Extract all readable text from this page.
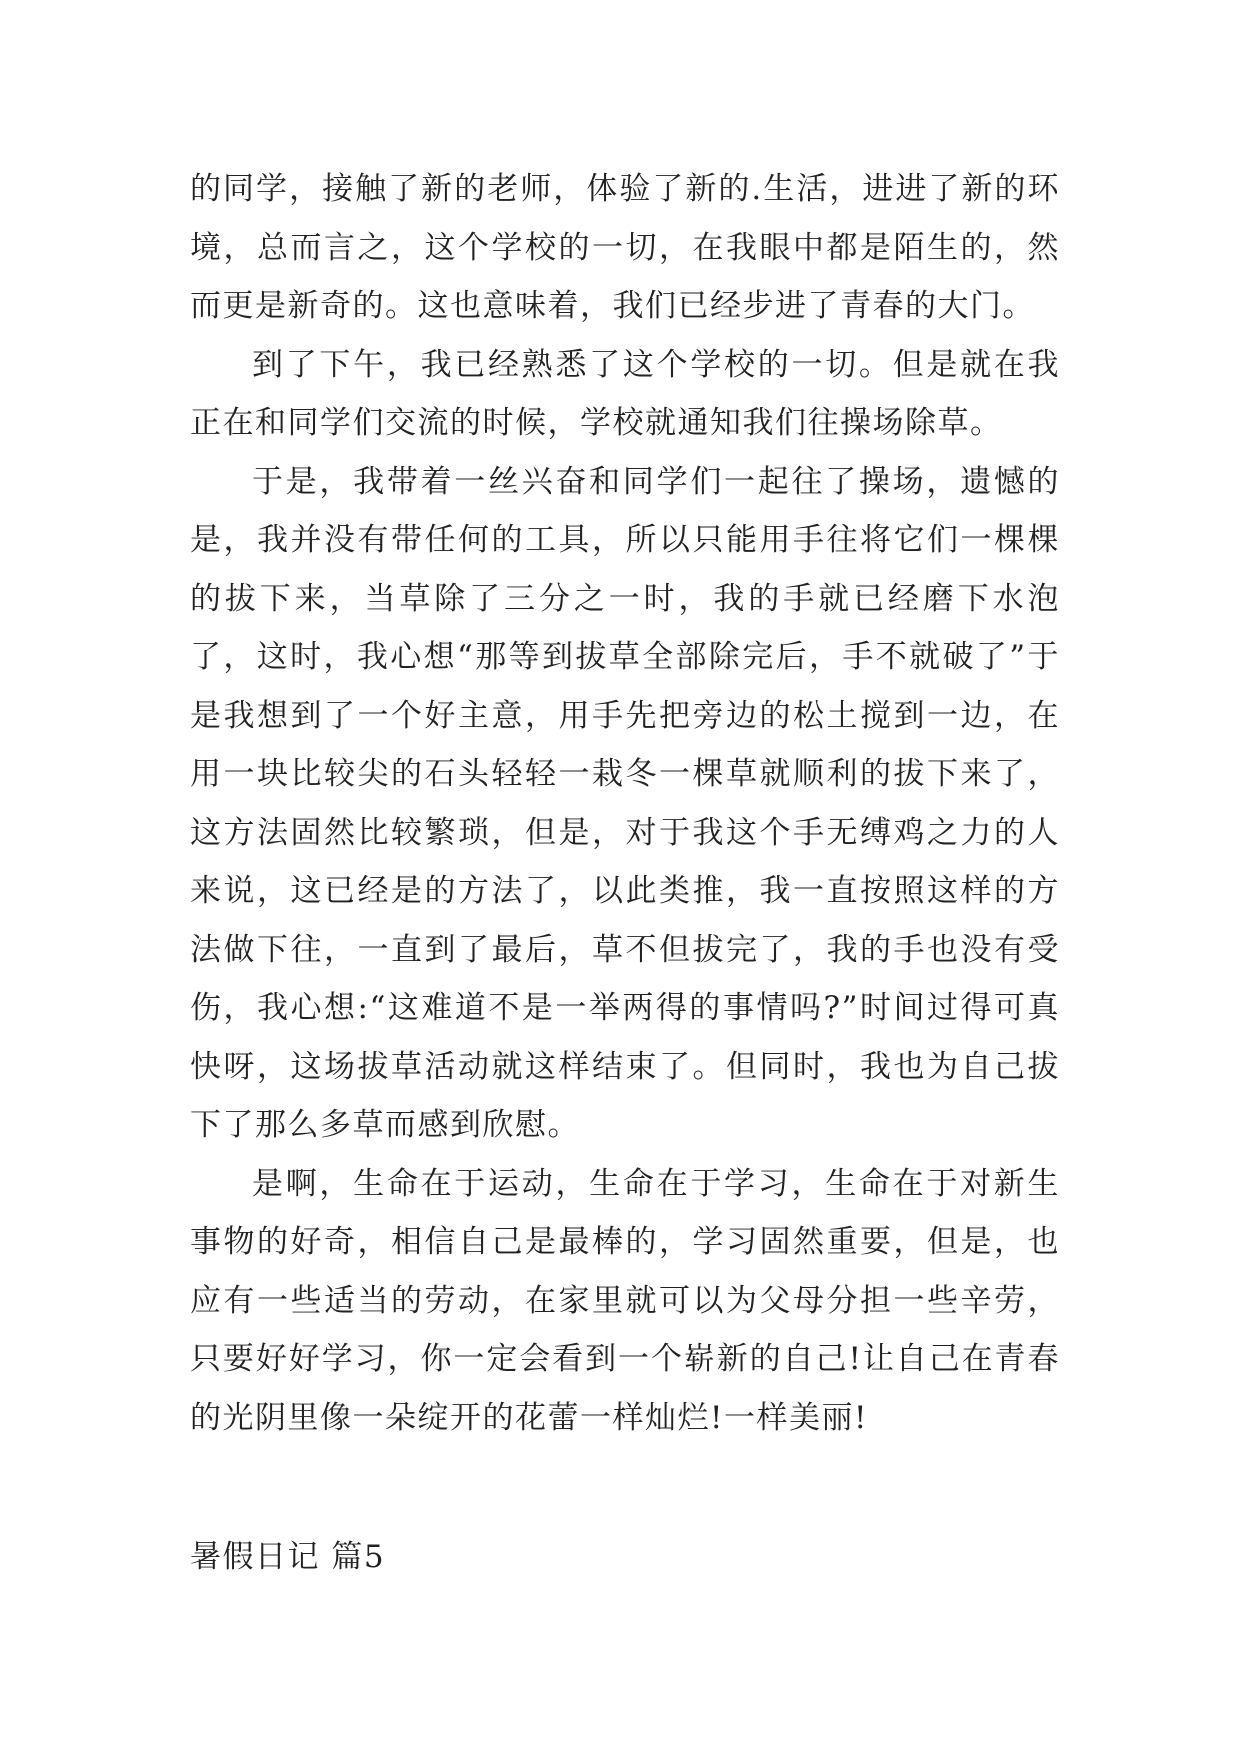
的同学，接触了新的老师，体验了新的.生活，进进了新的环境，总而言之，这个学校的一切，在我眼中都是陌生的，然而更是新奇的。这也意味着，我们已经步进了青春的大门。

到了下午，我已经熟悉了这个学校的一切。但是就在我正在和同学们交流的时候，学校就通知我们往操场除草。

于是，我带着一丝兴奋和同学们一起往了操场，遗憾的是，我并没有带任何的工具，所以只能用手往将它们一棵棵的拔下来，当草除了三分之一时，我的手就已经磨下水泡了，这时，我心想“那等到拔草全部除完后，手不就破了”于是我想到了一个好主意，用手先把旁边的松土搅到一边，在用一块比较尖的石头轻轻一栽冬一棵草就顺利的拔下来了，这方法固然比较繁琐，但是，对于我这个手无缚鸡之力的人来说，这已经是的方法了，以此类推，我一直按照这样的方法做下往，一直到了最后，草不但拔完了，我的手也没有受伤，我心想:“这难道不是一举两得的事情吗?”时间过得可真快呀，这场拔草活动就这样结束了。但同时，我也为自己拔下了那么多草而感到欣慰。

是啊，生命在于运动，生命在于学习，生命在于对新生事物的好奇，相信自己是最棒的，学习固然重要，但是，也应有一些适当的劳动，在家里就可以为父母分担一些辛劳，只要好好学习，你一定会看到一个崭新的自己!让自己在青春的光阴里像一朵绽开的花蕾一样灿烂!一样美丽!

暑假日记 篇5
